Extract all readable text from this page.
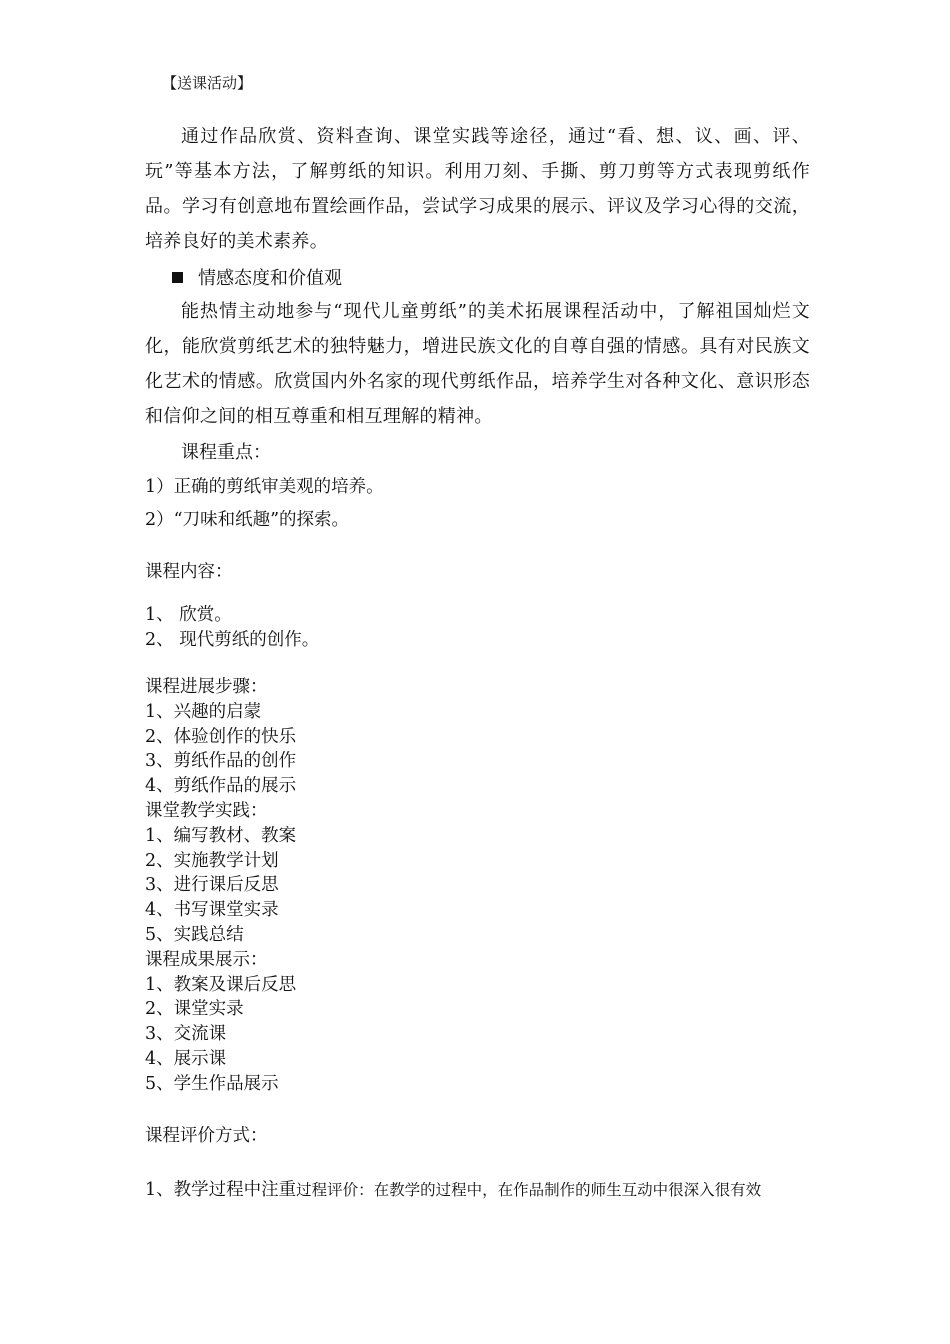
【送课活动】

通过作品欣赏、资料查询、课堂实践等途径，通过“看、想、议、画、评、玩”等基本方法，了解剪纸的知识。利用刀刻、手撕、剪刀剪等方式表现剪纸作品。学习有创意地布置绘画作品，尝试学习成果的展示、评议及学习心得的交流，培养良好的美术素养。

情感态度和价值观

能热情主动地参与“现代儿童剪纸”的美术拓展课程活动中，了解祖国灿烂文化，能欣赏剪纸艺术的独特魅力，增进民族文化的自尊自强的情感。具有对民族文化艺术的情感。欣赏国内外名家的现代剪纸作品，培养学生对各种文化、意识形态和信仰之间的相互尊重和相互理解的精神。

课程重点：
1）正确的剪纸审美观的培养。
2）“刀味和纸趣”的探索。
课程内容：
1、 欣赏。
2、 现代剪纸的创作。
课程进展步骤：
1、兴趣的启蒙
2、体验创作的快乐
3、剪纸作品的创作
4、剪纸作品的展示
课堂教学实践：
1、编写教材、教案
2、实施教学计划
3、进行课后反思
4、书写课堂实录
5、实践总结
课程成果展示：
1、教案及课后反思
2、课堂实录
3、交流课
4、展示课
5、学生作品展示
课程评价方式：
1、教学过程中注重过程评价：在教学的过程中，在作品制作的师生互动中很深入很有效
